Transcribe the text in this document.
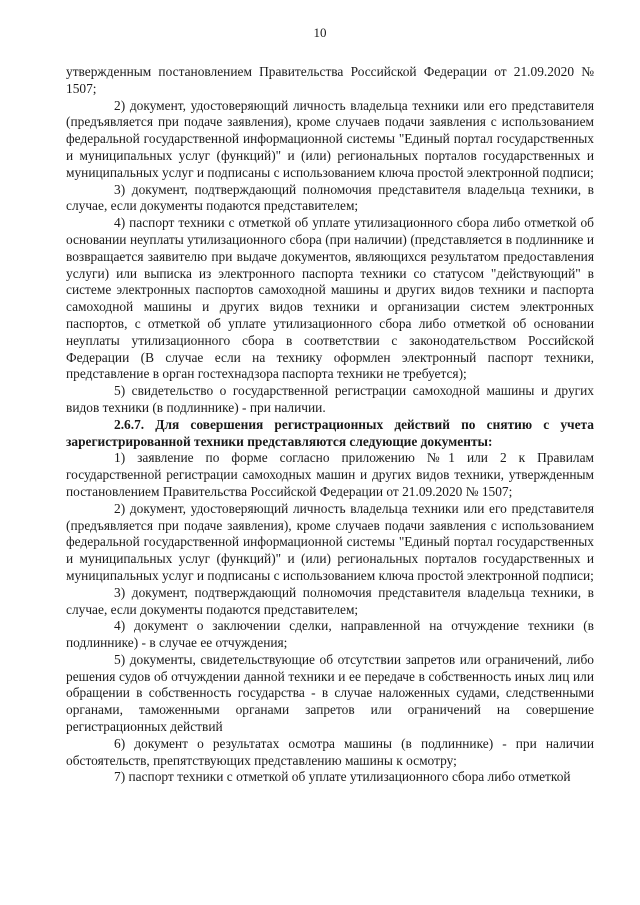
10

утвержденным постановлением Правительства Российской Федерации от 21.09.2020 № 1507;

2) документ, удостоверяющий личность владельца техники или его представителя (предъявляется при подаче заявления), кроме случаев подачи заявления с использованием федеральной государственной информационной системы "Единый портал государственных и муниципальных услуг (функций)" и (или) региональных порталов государственных и муниципальных услуг и подписаны с использованием ключа простой электронной подписи;

3) документ, подтверждающий полномочия представителя владельца техники, в случае, если документы подаются представителем;

4) паспорт техники с отметкой об уплате утилизационного сбора либо отметкой об основании неуплаты утилизационного сбора (при наличии) (представляется в подлиннике и возвращается заявителю при выдаче документов, являющихся результатом предоставления услуги) или выписка из электронного паспорта техники со статусом "действующий" в системе электронных паспортов самоходной машины и других видов техники и паспорта самоходной машины и других видов техники и организации систем электронных паспортов, с отметкой об уплате утилизационного сбора либо отметкой об основании неуплаты утилизационного сбора в соответствии с законодательством Российской Федерации (В случае если на технику оформлен электронный паспорт техники, представление в орган гостехнадзора паспорта техники не требуется);

5) свидетельство о государственной регистрации самоходной машины и других видов техники (в подлиннике) - при наличии.

2.6.7. Для совершения регистрационных действий по снятию с учета зарегистрированной техники представляются следующие документы:

1) заявление по форме согласно приложению №1 или 2 к Правилам государственной регистрации самоходных машин и других видов техники, утвержденным постановлением Правительства Российской Федерации от 21.09.2020 № 1507;

2) документ, удостоверяющий личность владельца техники или его представителя (предъявляется при подаче заявления), кроме случаев подачи заявления с использованием федеральной государственной информационной системы "Единый портал государственных и муниципальных услуг (функций)" и (или) региональных порталов государственных и муниципальных услуг и подписаны с использованием ключа простой электронной подписи;

3) документ, подтверждающий полномочия представителя владельца техники, в случае, если документы подаются представителем;

4) документ о заключении сделки, направленной на отчуждение техники (в подлиннике) - в случае ее отчуждения;

5) документы, свидетельствующие об отсутствии запретов или ограничений, либо решения судов об отчуждении данной техники и ее передаче в собственность иных лиц или обращении в собственность государства - в случае наложенных судами, следственными органами, таможенными органами запретов или ограничений на совершение регистрационных действий

6) документ о результатах осмотра машины (в подлиннике) - при наличии обстоятельств, препятствующих представлению машины к осмотру;

7) паспорт техники с отметкой об уплате утилизационного сбора либо отметкой
